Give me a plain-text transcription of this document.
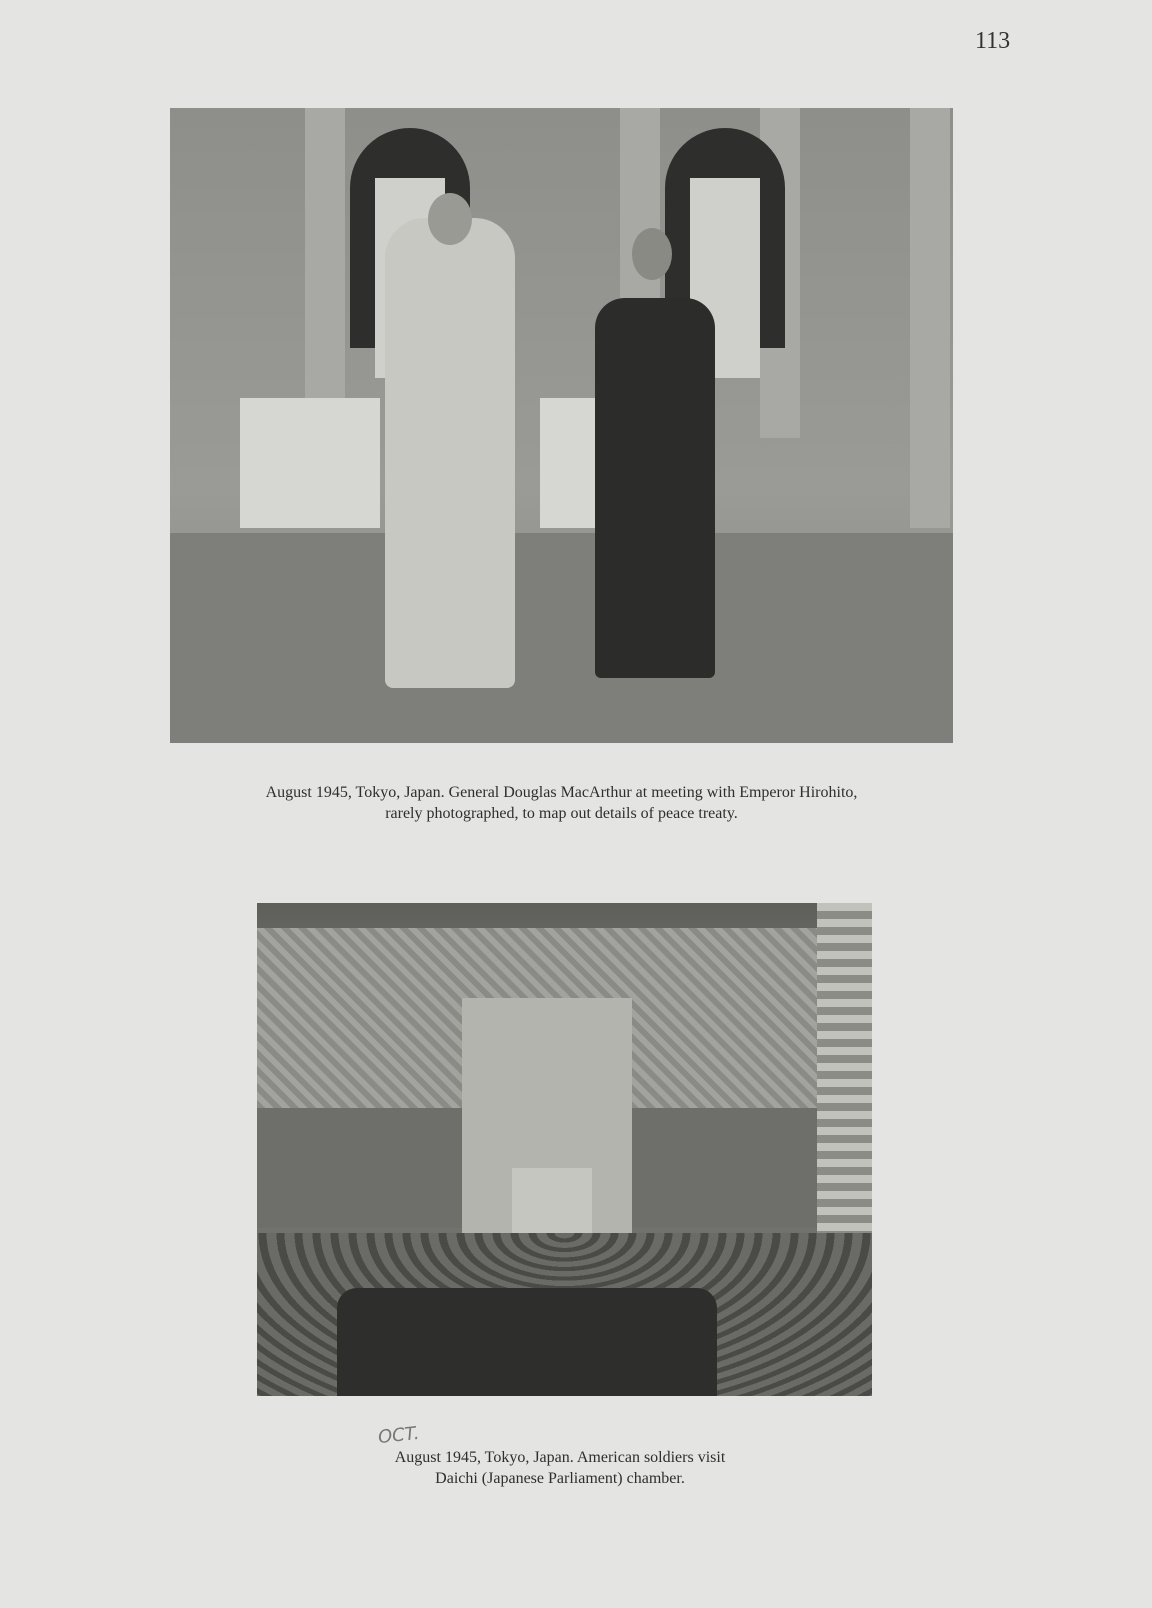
113
August 1945, Tokyo, Japan. General Douglas MacArthur at meeting with Emperor Hirohito,
rarely photographed, to map out details of peace treaty.
OCT.
August 1945, Tokyo, Japan. American soldiers visit
Daichi (Japanese Parliament) chamber.
